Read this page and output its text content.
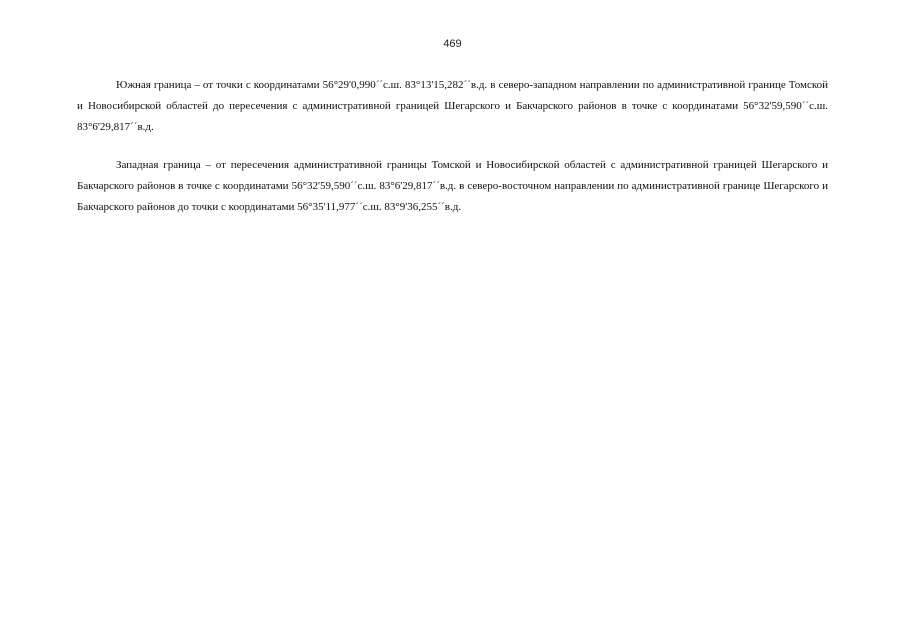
469

Южная граница – от точки с координатами 56°29'0,990´´с.ш. 83°13'15,282´´в.д. в северо-западном направлении по административной границе Томской и Новосибирской областей до пересечения с административной границей Шегарского и Бакчарского районов в точке с координатами 56°32'59,590´´с.ш. 83°6'29,817´´в.д.

Западная граница – от пересечения административной границы Томской и Новосибирской областей с административной границей Шегарского и Бакчарского районов в точке с координатами 56°32'59,590´´с.ш. 83°6'29,817´´в.д. в северо-восточном направлении по административной границе Шегарского и Бакчарского районов до точки с координатами 56°35'11,977´´с.ш. 83°9'36,255´´в.д.
